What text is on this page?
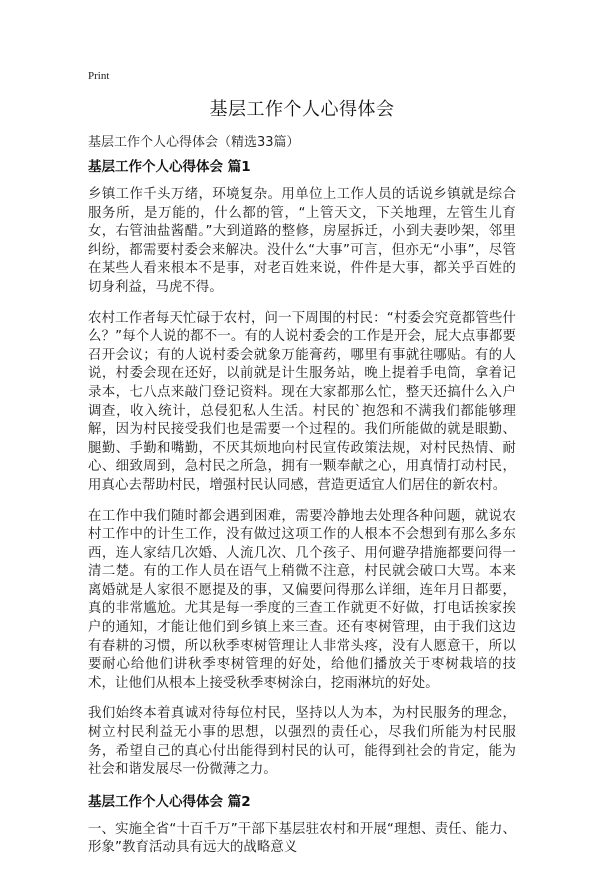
Print
基层工作个人心得体会
基层工作个人心得体会（精选33篇）
基层工作个人心得体会 篇1

乡镇工作千头万绪，环境复杂。用单位上工作人员的话说乡镇就是综合服务所，是万能的，什么都的管，“上管天文，下关地理，左管生儿育女，右管油盐酱醋。”大到道路的整修，房屋拆迁，小到夫妻吵架，邻里纠纷，都需要村委会来解决。没什么“大事”可言，但亦无“小事”，尽管在某些人看来根本不是事，对老百姓来说，件件是大事，都关乎百姓的切身利益，马虎不得。

农村工作者每天忙碌于农村，问一下周围的村民：“村委会究竟都管些什么？”每个人说的都不一。有的人说村委会的工作是开会，屁大点事都要召开会议；有的人说村委会就象万能膏药，哪里有事就往哪贴。有的人说，村委会现在还好，以前就是计生服务站，晚上提着手电筒，拿着记录本，七八点来敲门登记资料。现在大家都那么忙，整天还搞什么入户调查，收入统计，总侵犯私人生活。村民的`抱怨和不满我们都能够理解，因为村民接受我们也是需要一个过程的。我们所能做的就是眼勤、腿勤、手勤和嘴勤，不厌其烦地向村民宣传政策法规，对村民热情、耐心、细致周到，急村民之所急，拥有一颗奉献之心，用真情打动村民，用真心去帮助村民，增强村民认同感，营造更适宜人们居住的新农村。

在工作中我们随时都会遇到困难，需要冷静地去处理各种问题，就说农村工作中的计生工作，没有做过这项工作的人根本不会想到有那么多东西，连人家结几次婚、人流几次、几个孩子、用何避孕措施都要问得一清二楚。有的工作人员在语气上稍微不注意，村民就会破口大骂。本来离婚就是人家很不愿提及的事，又偏要问得那么详细，连年月日都要，真的非常尴尬。尤其是每一季度的三查工作就更不好做，打电话挨家挨户的通知，才能让他们到乡镇上来三查。还有枣树管理，由于我们这边有春耕的习惯，所以秋季枣树管理让人非常头疼，没有人愿意干，所以要耐心给他们讲秋季枣树管理的好处，给他们播放关于枣树栽培的技术，让他们从根本上接受秋季枣树涂白，挖雨淋坑的好处。

我们始终本着真诚对待每位村民，坚持以人为本，为村民服务的理念，树立村民利益无小事的思想，以强烈的责任心，尽我们所能为村民服务，希望自己的真心付出能得到村民的认可，能得到社会的肯定，能为社会和谐发展尽一份微薄之力。

基层工作个人心得体会 篇2

一、实施全省“十百千万”干部下基层驻农村和开展“理想、责任、能力、形象”教育活动具有远大的战略意义
